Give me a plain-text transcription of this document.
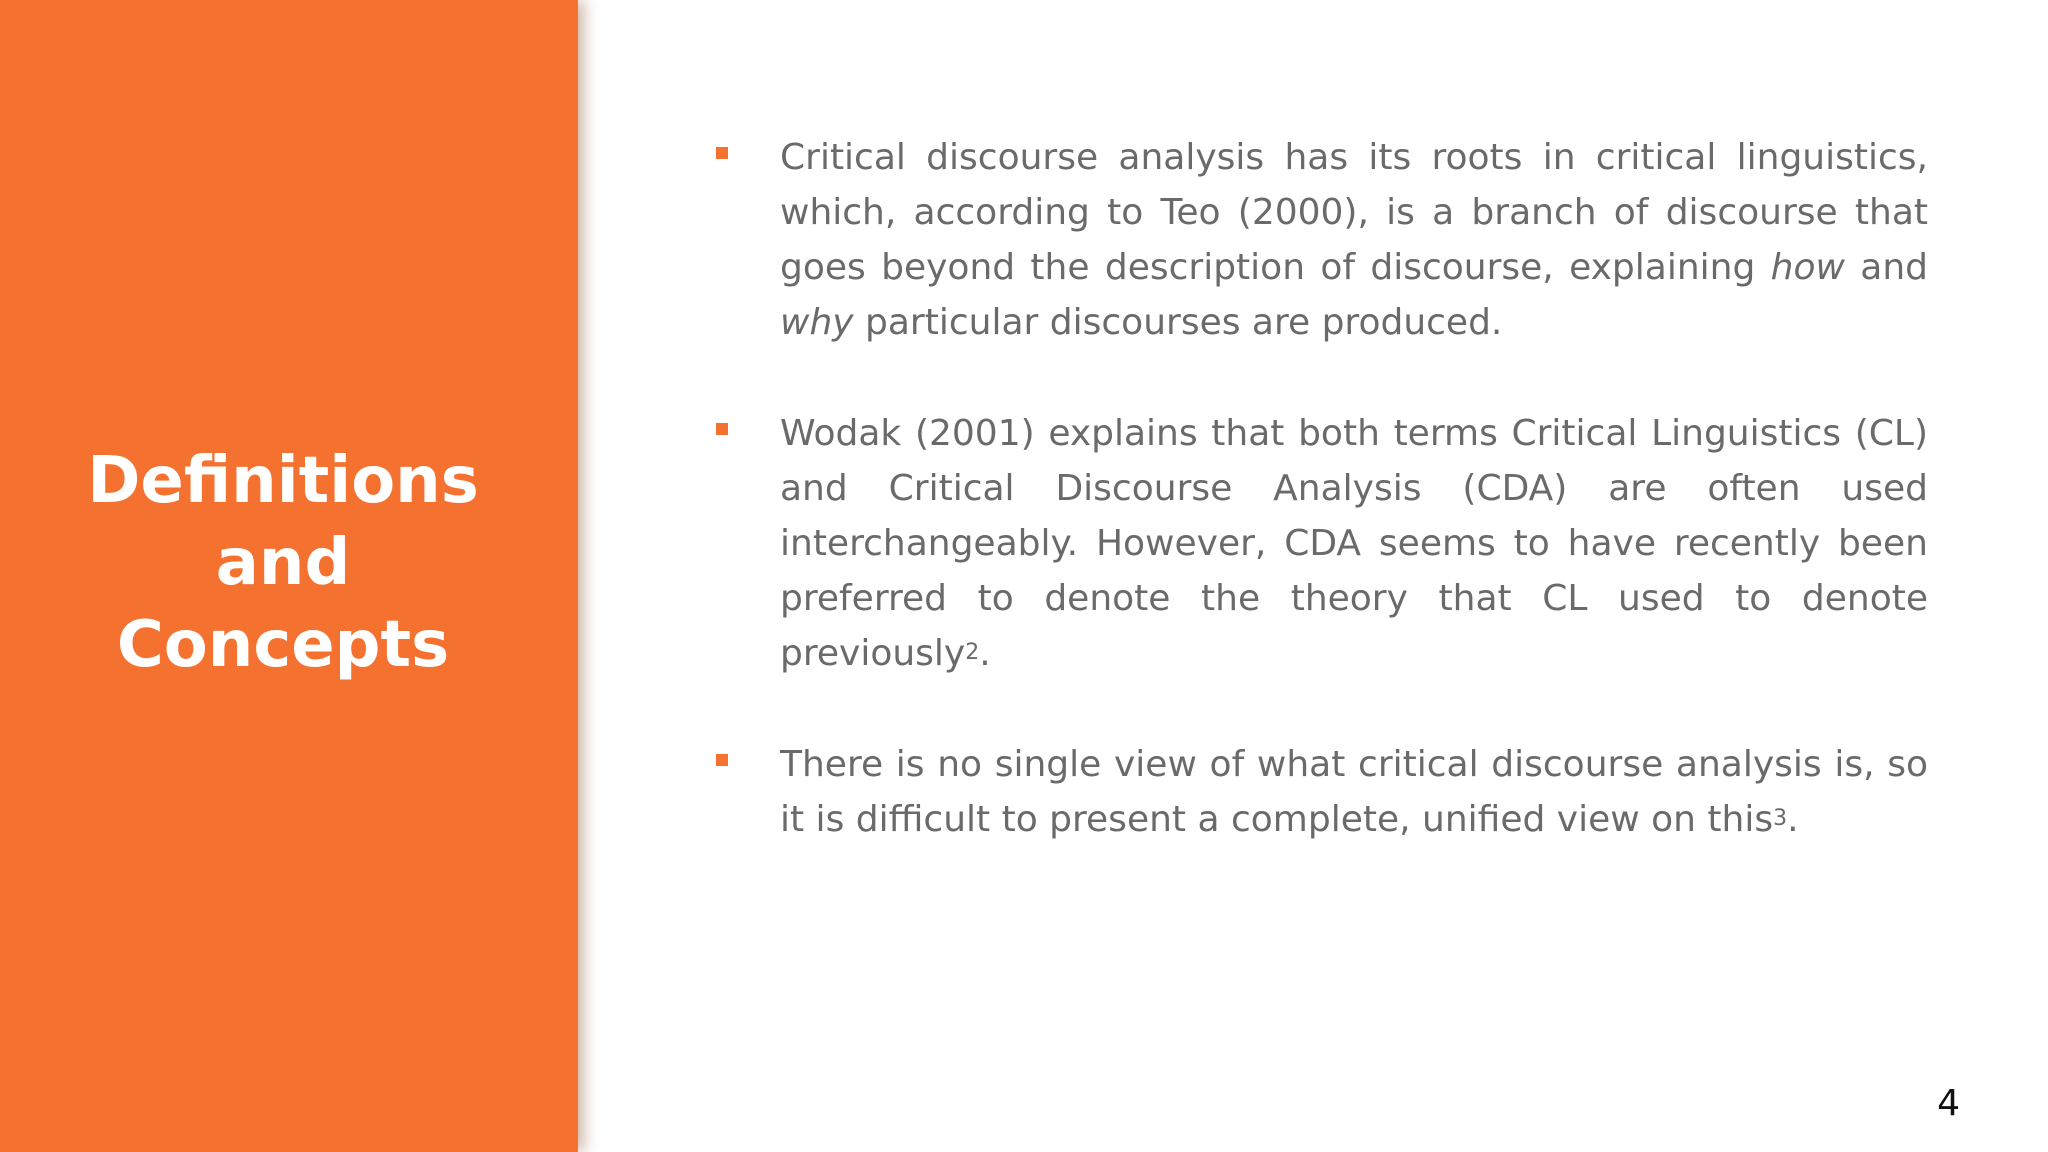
Definitions
and
Concepts
Critical discourse analysis has its roots in critical linguistics, which, according to Teo (2000), is a branch of discourse that goes beyond the description of discourse, explaining how and why particular discourses are produced.
Wodak (2001) explains that both terms Critical Linguistics (CL) and Critical Discourse Analysis (CDA) are often used interchangeably. However, CDA seems to have recently been preferred to denote the theory that CL used to denote previously$^2$.
There is no single view of what critical discourse analysis is, so it is difficult to present a complete, unified view on this$^3$.
4
